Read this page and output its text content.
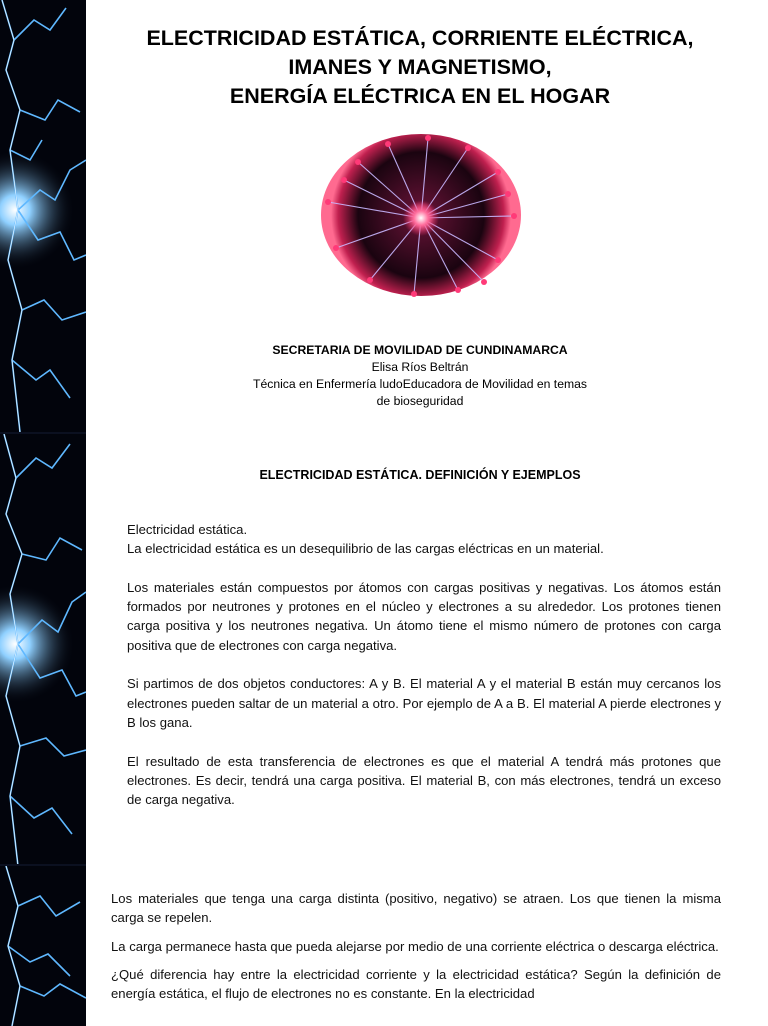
ELECTRICIDAD ESTÁTICA, CORRIENTE ELÉCTRICA,
IMANES Y MAGNETISMO,
ENERGÍA ELÉCTRICA EN EL HOGAR
SECRETARIA DE MOVILIDAD DE CUNDINAMARCA
Elisa Ríos Beltrán
Técnica en Enfermería ludoEducadora de Movilidad en temas
de bioseguridad
ELECTRICIDAD ESTÁTICA. DEFINICIÓN Y EJEMPLOS

Electricidad estática.

La electricidad estática es un desequilibrio de las cargas eléctricas en un material.

Los materiales están compuestos por átomos con cargas positivas y negativas. Los átomos están formados por neutrones y protones en el núcleo y electrones a su alrededor. Los protones tienen carga positiva y los neutrones negativa. Un átomo tiene el mismo número de protones con carga positiva que de electrones con carga negativa.

Si partimos de dos objetos conductores: A y B. El material A y el material B están muy cercanos los electrones pueden saltar de un material a otro. Por ejemplo de A a B. El material A pierde electrones y B los gana.

El resultado de esta transferencia de electrones es que el material A tendrá más protones que electrones. Es decir, tendrá una carga positiva. El material B, con más electrones, tendrá un exceso de carga negativa.

Los materiales que tenga una carga distinta (positivo, negativo) se atraen. Los que tienen la misma carga se repelen.

La carga permanece hasta que pueda alejarse por medio de una corriente eléctrica o descarga eléctrica.

¿Qué diferencia hay entre la electricidad corriente y la electricidad estática? Según la definición de energía estática, el flujo de electrones no es constante. En la electricidad
